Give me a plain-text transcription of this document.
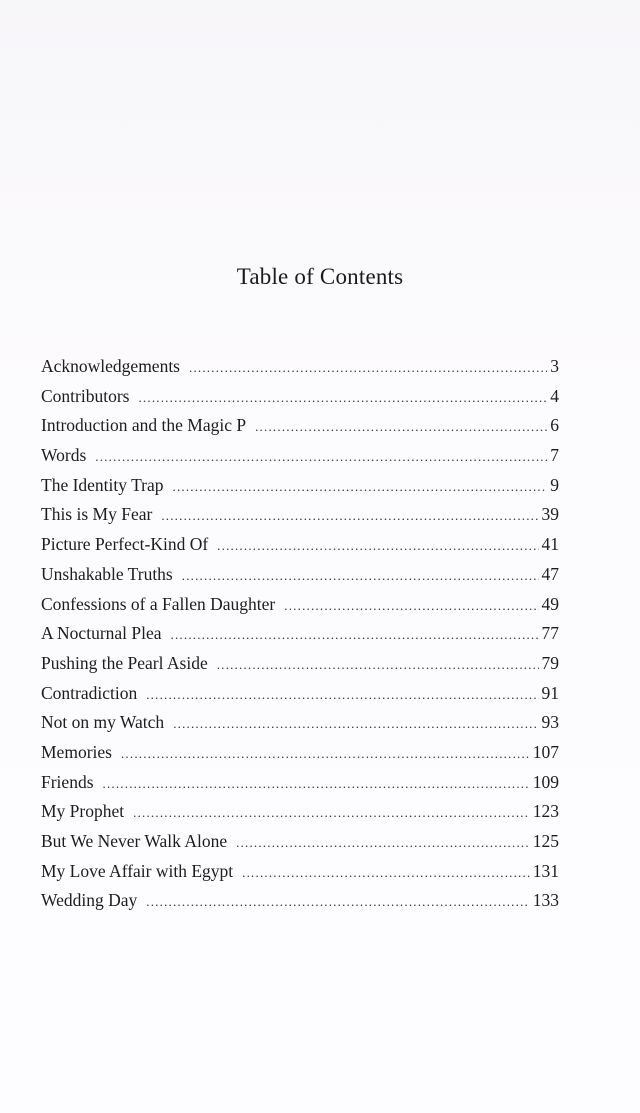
Table of Contents
Acknowledgements .....	3
Contributors .....	4
Introduction and the Magic P .....	6
Words .....	7
The Identity Trap .....	9
This is My Fear .....	39
Picture Perfect-Kind Of .....	41
Unshakable Truths .....	47
Confessions of a Fallen Daughter .....	49
A Nocturnal Plea .....	77
Pushing the Pearl Aside .....	79
Contradiction .....	91
Not on my Watch .....	93
Memories .....	107
Friends .....	109
My Prophet .....	123
But We Never Walk Alone .....	125
My Love Affair with Egypt .....	131
Wedding Day .....	133
